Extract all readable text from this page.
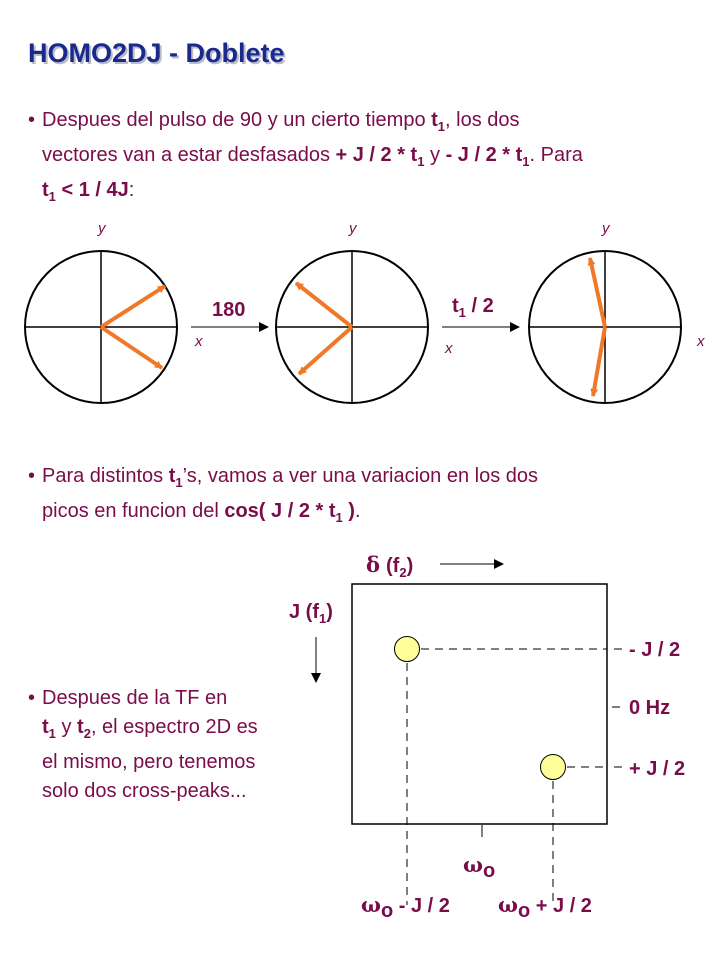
HOMO2DJ - Doblete
• Despues del pulso de 90 y un cierto tiempo $t_1$, los dos
vectores van a estar desfasados + J / $2 * t_1$ y - J / $2 * t_1$. Para
$t_1 < 1 / 4J$:
• Para distintos $t_1’s$, vamos a ver una variacion en los dos
picos en funcion del cos( J / $2 * t_1$ ).
• Despues de la TF en
$t_1$ y $t_2$, el espectro 2D es
el mismo, pero tenemos
solo dos cross-peaks...
y
x
180
y
x
$t_1 / 2$
y
x
δ $(f_2)$
J $(f_1)$
- J / 2
0 Hz
+ J / 2
ωo
ωo - J / 2 ωo + J / 2
